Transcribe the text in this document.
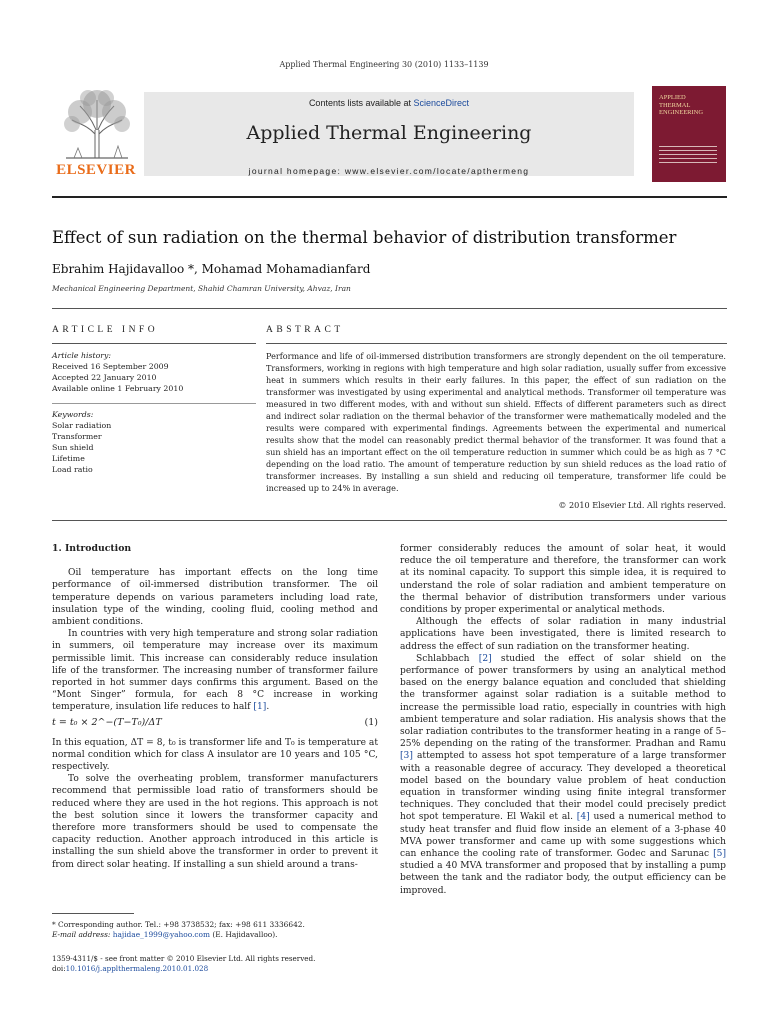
Applied Thermal Engineering 30 (2010) 1133–1139
ELSEVIER
Contents lists available at ScienceDirect
Applied Thermal Engineering
journal homepage: www.elsevier.com/locate/apthermeng
APPLIED
THERMAL
ENGINEERING
Effect of sun radiation on the thermal behavior of distribution transformer
Ebrahim Hajidavalloo *, Mohamad Mohamadianfard
Mechanical Engineering Department, Shahid Chamran University, Ahvaz, Iran
ARTICLE INFO	ABSTRACT
Article history:
Received 16 September 2009
Accepted 22 January 2010
Available online 1 February 2010
Keywords:
Solar radiation
Transformer
Sun shield
Lifetime
Load ratio
Performance and life of oil-immersed distribution transformers are strongly dependent on the oil temperature. Transformers, working in regions with high temperature and high solar radiation, usually suffer from excessive heat in summers which results in their early failures. In this paper, the effect of sun radiation on the transformer was investigated by using experimental and analytical methods. Transformer oil temperature was measured in two different modes, with and without sun shield. Effects of different parameters such as direct and indirect solar radiation on the thermal behavior of the transformer were mathematically modeled and the results were compared with experimental findings. Agreements between the experimental and numerical results show that the model can reasonably predict thermal behavior of the transformer. It was found that a sun shield has an important effect on the oil temperature reduction in summer which could be as high as 7 °C depending on the load ratio. The amount of temperature reduction by sun shield reduces as the load ratio of transformer increases. By installing a sun shield and reducing oil temperature, transformer life could be increased up to 24% in average.
© 2010 Elsevier Ltd. All rights reserved.

1. Introduction

Oil temperature has important effects on the long time performance of oil-immersed distribution transformer. The oil temperature depends on various parameters including load rate, insulation type of the winding, cooling fluid, cooling method and ambient conditions.

In countries with very high temperature and strong solar radiation in summers, oil temperature may increase over its maximum permissible limit. This increase can considerably reduce insulation life of the transformer. The increasing number of transformer failure reported in hot summer days confirms this argument. Based on the “Mont Singer” formula, for each 8 °C increase in working temperature, insulation life reduces to half [1].

t = t₀ × 2^−(T−T₀)/ΔT	(1)

In this equation, ΔT = 8, t₀ is transformer life and T₀ is temperature at normal condition which for class A insulator are 10 years and 105 °C, respectively.

To solve the overheating problem, transformer manufacturers recommend that permissible load ratio of transformers should be reduced where they are used in the hot regions. This approach is not the best solution since it lowers the transformer capacity and therefore more transformers should be used to compensate the capacity reduction. Another approach introduced in this article is installing the sun shield above the transformer in order to prevent it from direct solar heating. If installing a sun shield around a trans-

former considerably reduces the amount of solar heat, it would reduce the oil temperature and therefore, the transformer can work at its nominal capacity. To support this simple idea, it is required to understand the role of solar radiation and ambient temperature on the thermal behavior of distribution transformers under various conditions by proper experimental or analytical methods.

Although the effects of solar radiation in many industrial applications have been investigated, there is limited research to address the effect of sun radiation on the transformer heating.

Schlabbach [2] studied the effect of solar shield on the performance of power transformers by using an analytical method based on the energy balance equation and concluded that shielding the transformer against solar radiation is a suitable method to increase the permissible load ratio, especially in countries with high ambient temperature and solar radiation. His analysis shows that the solar radiation contributes to the transformer heating in a range of 5–25% depending on the rating of the transformer. Pradhan and Ramu [3] attempted to assess hot spot temperature of a large transformer with a reasonable degree of accuracy. They developed a theoretical model based on the boundary value problem of heat conduction equation in transformer winding using finite integral transformer techniques. They concluded that their model could precisely predict hot spot temperature. El Wakil et al. [4] used a numerical method to study heat transfer and fluid flow inside an element of a 3-phase 40 MVA power transformer and came up with some suggestions which can enhance the cooling rate of transformer. Godec and Sarunac [5] studied a 40 MVA transformer and proposed that by installing a pump between the tank and the radiator body, the output efficiency can be improved.

* Corresponding author. Tel.: +98 3738532; fax: +98 611 3336642.
E-mail address: hajidae_1999@yahoo.com (E. Hajidavalloo).
1359-4311/$ - see front matter © 2010 Elsevier Ltd. All rights reserved.
doi:10.1016/j.applthermaleng.2010.01.028
